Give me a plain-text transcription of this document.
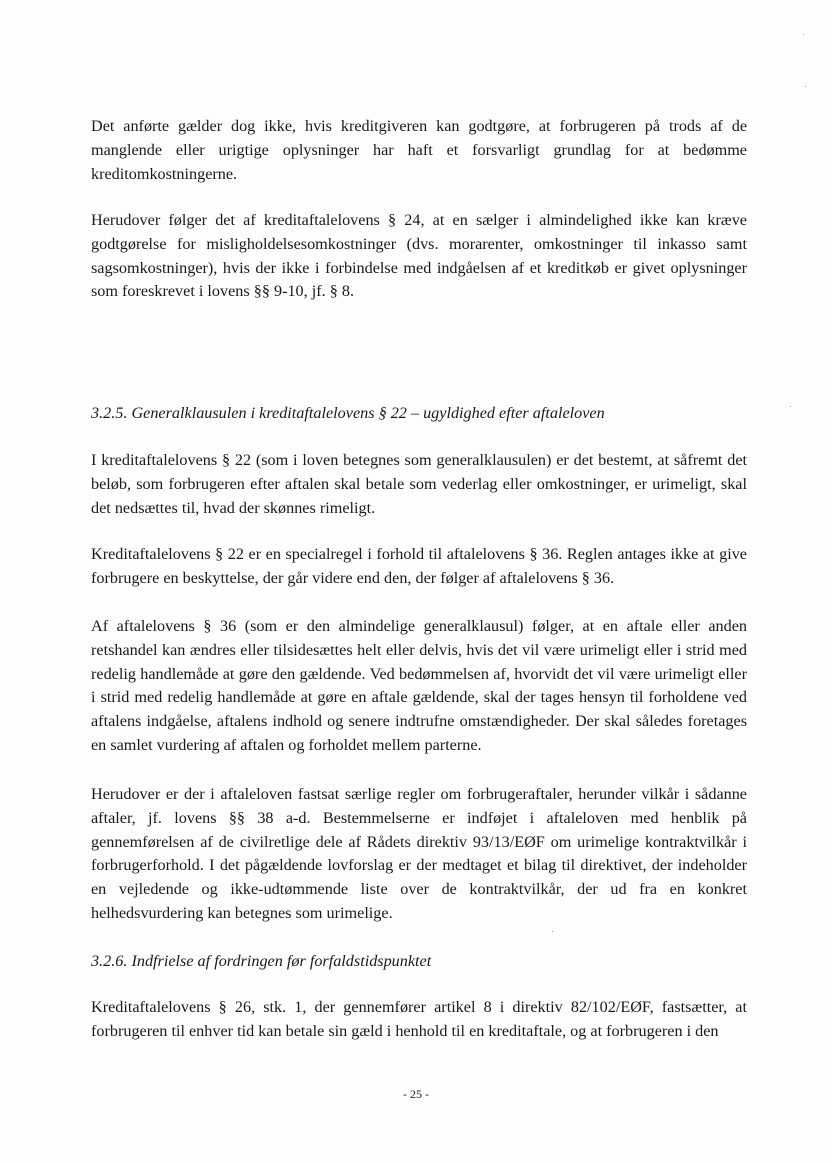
Det anførte gælder dog ikke, hvis kreditgiveren kan godtgøre, at forbrugeren på trods af de manglende eller urigtige oplysninger har haft et forsvarligt grundlag for at bedømme kreditomkostningerne.

Herudover følger det af kreditaftalelovens § 24, at en sælger i almindelighed ikke kan kræve godtgørelse for misligholdelsesomkostninger (dvs. morarenter, omkostninger til inkasso samt sagsomkostninger), hvis der ikke i forbindelse med indgåelsen af et kreditkøb er givet oplysninger som foreskrevet i lovens §§ 9-10, jf. § 8.

3.2.5. Generalklausulen i kreditaftalelovens § 22 – ugyldighed efter aftaleloven

I kreditaftalelovens § 22 (som i loven betegnes som generalklausulen) er det bestemt, at såfremt det beløb, som forbrugeren efter aftalen skal betale som vederlag eller omkostninger, er urimeligt, skal det nedsættes til, hvad der skønnes rimeligt.

Kreditaftalelovens § 22 er en specialregel i forhold til aftalelovens § 36. Reglen antages ikke at give forbrugere en beskyttelse, der går videre end den, der følger af aftalelovens § 36.

Af aftalelovens § 36 (som er den almindelige generalklausul) følger, at en aftale eller anden retshandel kan ændres eller tilsidesættes helt eller delvis, hvis det vil være urimeligt eller i strid med redelig handlemåde at gøre den gældende. Ved bedømmelsen af, hvorvidt det vil være urimeligt eller i strid med redelig handlemåde at gøre en aftale gældende, skal der tages hensyn til forholdene ved aftalens indgåelse, aftalens indhold og senere indtrufne omstændigheder. Der skal således foretages en samlet vurdering af aftalen og forholdet mellem parterne.

Herudover er der i aftaleloven fastsat særlige regler om forbrugeraftaler, herunder vilkår i sådanne aftaler, jf. lovens §§ 38 a-d. Bestemmelserne er indføjet i aftaleloven med henblik på gennemførelsen af de civilretlige dele af Rådets direktiv 93/13/EØF om urimelige kontraktvilkår i forbrugerforhold. I det pågældende lovforslag er der medtaget et bilag til direktivet, der indeholder en vejledende og ikke-udtømmende liste over de kontraktvilkår, der ud fra en konkret helhedsvurdering kan betegnes som urimelige.

3.2.6. Indfrielse af fordringen før forfaldstidspunktet

Kreditaftalelovens § 26, stk. 1, der gennemfører artikel 8 i direktiv 82/102/EØF, fastsætter, at forbrugeren til enhver tid kan betale sin gæld i henhold til en kreditaftale, og at forbrugeren i den

- 25 -
